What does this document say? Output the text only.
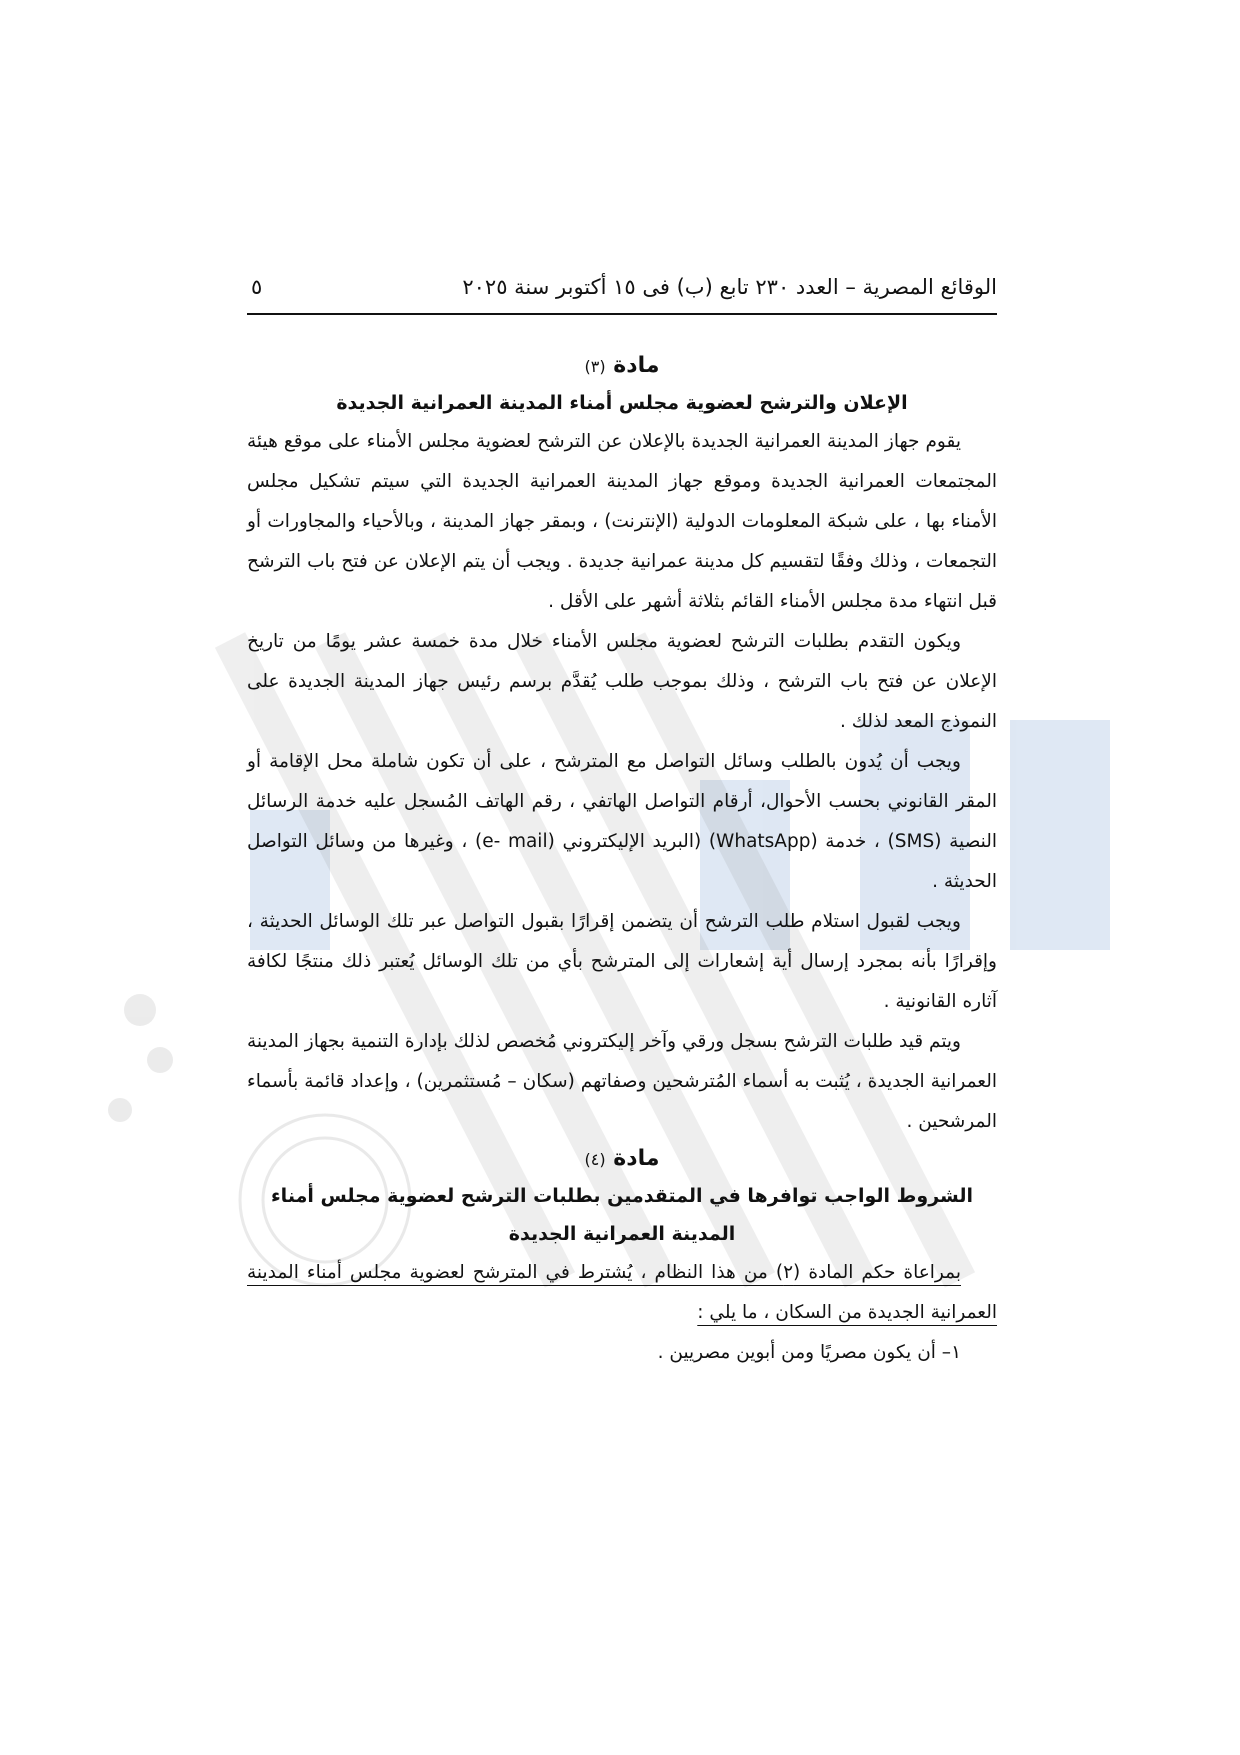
الوقائع المصرية – العدد ٢٣٠ تابع (ب) فى ١٥ أكتوبر سنة ٢٠٢٥
٥
مادة (٣)
الإعلان والترشح لعضوية مجلس أمناء المدينة العمرانية الجديدة

يقوم جهاز المدينة العمرانية الجديدة بالإعلان عن الترشح لعضوية مجلس الأمناء على موقع هيئة المجتمعات العمرانية الجديدة وموقع جهاز المدينة العمرانية الجديدة التي سيتم تشكيل مجلس الأمناء بها ، على شبكة المعلومات الدولية (الإنترنت) ، وبمقر جهاز المدينة ، وبالأحياء والمجاورات أو التجمعات ، وذلك وفقًا لتقسيم كل مدينة عمرانية جديدة . ويجب أن يتم الإعلان عن فتح باب الترشح قبل انتهاء مدة مجلس الأمناء القائم بثلاثة أشهر على الأقل .

ويكون التقدم بطلبات الترشح لعضوية مجلس الأمناء خلال مدة خمسة عشر يومًا من تاريخ الإعلان عن فتح باب الترشح ، وذلك بموجب طلب يُقدَّم برسم رئيس جهاز المدينة الجديدة على النموذج المعد لذلك .

ويجب أن يُدون بالطلب وسائل التواصل مع المترشح ، على أن تكون شاملة محل الإقامة أو المقر القانوني بحسب الأحوال، أرقام التواصل الهاتفي ، رقم الهاتف المُسجل عليه خدمة الرسائل النصية (SMS) ، خدمة (WhatsApp) (البريد الإليكتروني (e- mail) ، وغيرها من وسائل التواصل الحديثة .

ويجب لقبول استلام طلب الترشح أن يتضمن إقرارًا بقبول التواصل عبر تلك الوسائل الحديثة ، وإقرارًا بأنه بمجرد إرسال أية إشعارات إلى المترشح بأي من تلك الوسائل يُعتبر ذلك منتجًا لكافة آثاره القانونية .

ويتم قيد طلبات الترشح بسجل ورقي وآخر إليكتروني مُخصص لذلك بإدارة التنمية بجهاز المدينة العمرانية الجديدة ، يُثبت به أسماء المُترشحين وصفاتهم (سكان – مُستثمرين) ، وإعداد قائمة بأسماء المرشحين .

مادة (٤)
الشروط الواجب توافرها في المتقدمين بطلبات الترشح لعضوية مجلس أمناء
المدينة العمرانية الجديدة

بمراعاة حكم المادة (٢) من هذا النظام ، يُشترط في المترشح لعضوية مجلس أمناء المدينة العمرانية الجديدة من السكان ، ما يلي :

١– أن يكون مصريًا ومن أبوين مصريين .
